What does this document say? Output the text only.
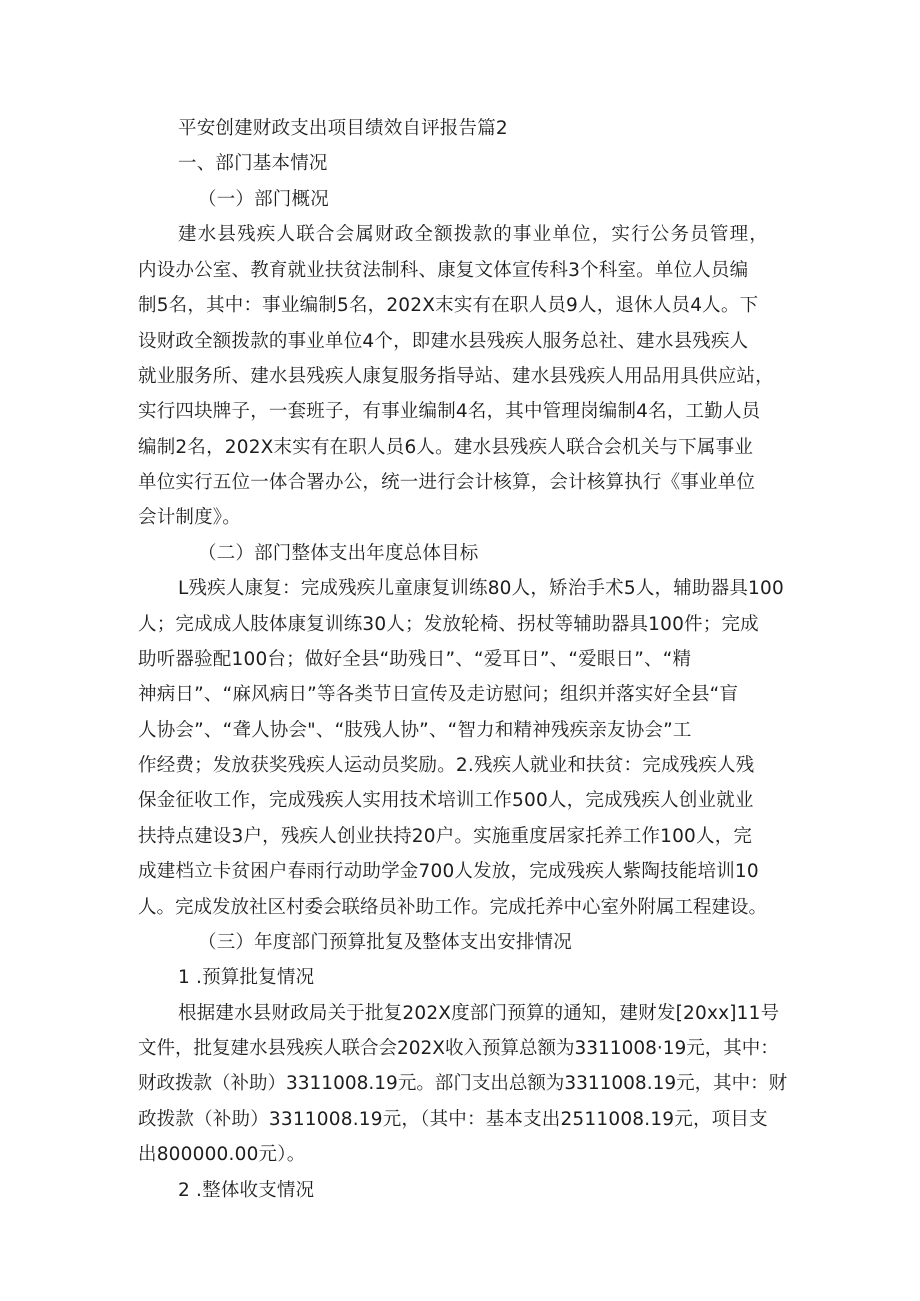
平安创建财政支出项目绩效自评报告篇2
一、部门基本情况
（一）部门概况
建水县残疾人联合会属财政全额拨款的事业单位，实行公务员管理，
内设办公室、教育就业扶贫法制科、康复文体宣传科3个科室。单位人员编
制5名，其中：事业编制5名，202X末实有在职人员9人，退休人员4人。下
设财政全额拨款的事业单位4个，即建水县残疾人服务总社、建水县残疾人
就业服务所、建水县残疾人康复服务指导站、建水县残疾人用品用具供应站，
实行四块牌子，一套班子，有事业编制4名，其中管理岗编制4名，工勤人员
编制2名，202X末实有在职人员6人。建水县残疾人联合会机关与下属事业
单位实行五位一体合署办公，统一进行会计核算，会计核算执行《事业单位
会计制度》。
（二）部门整体支出年度总体目标
L残疾人康复：完成残疾儿童康复训练80人，矫治手术5人，辅助器具100
人；完成成人肢体康复训练30人；发放轮椅、拐杖等辅助器具100件；完成
助听器验配100台；做好全县“助残日”、“爱耳日”、“爱眼日”、“精
神病日”、“麻风病日”等各类节日宣传及走访慰问；组织并落实好全县“盲
人协会”、“聋人协会"、“肢残人协”、“智力和精神残疾亲友协会”工
作经费；发放获奖残疾人运动员奖励。2.残疾人就业和扶贫：完成残疾人残
保金征收工作，完成残疾人实用技术培训工作500人，完成残疾人创业就业
扶持点建设3户，残疾人创业扶持20户。实施重度居家托养工作100人，完
成建档立卡贫困户春雨行动助学金700人发放，完成残疾人紫陶技能培训10
人。完成发放社区村委会联络员补助工作。完成托养中心室外附属工程建设。
（三）年度部门预算批复及整体支出安排情况
1 .预算批复情况
根据建水县财政局关于批复202X度部门预算的通知，建财发[20xx]11号
文件，批复建水县残疾人联合会202X收入预算总额为3311008·19元，其中：
财政拨款（补助）3311008.19元。部门支出总额为3311008.19元，其中：财
政拨款（补助）3311008.19元，（其中：基本支出2511008.19元，项目支
出800000.00元）。
2 .整体收支情况
